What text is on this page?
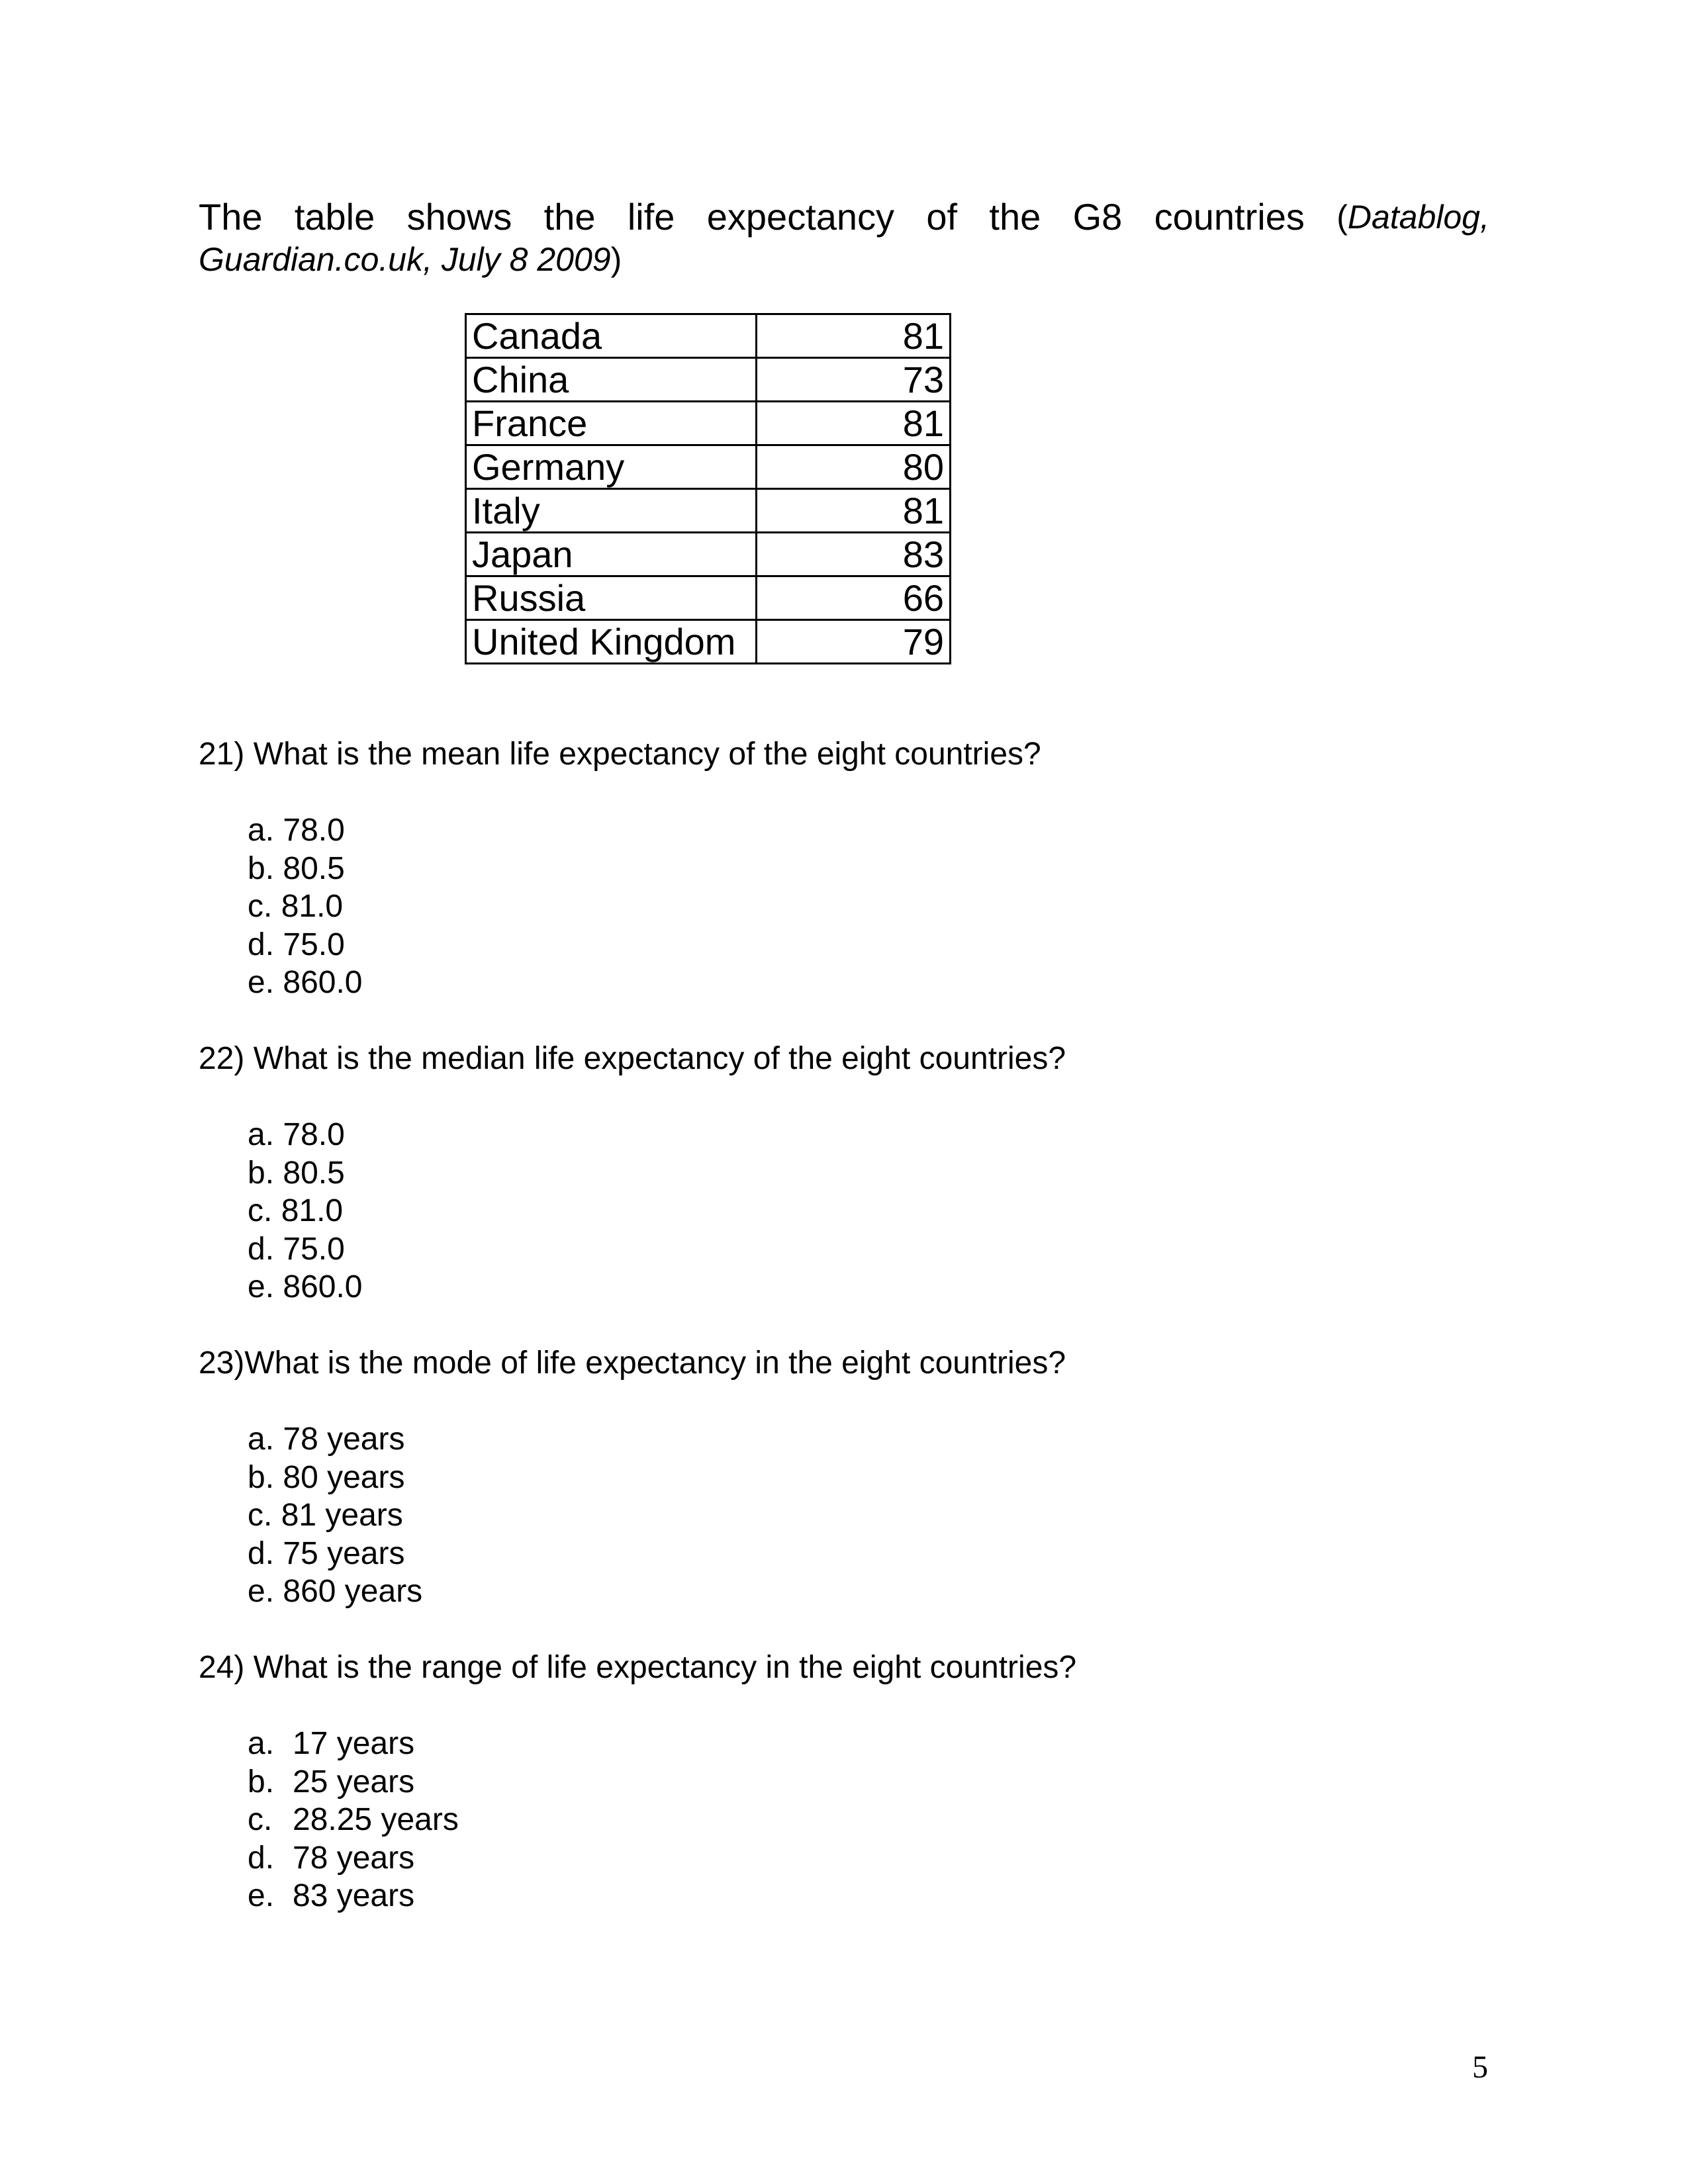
The table shows the life expectancy of the G8 countries (Datablog,
Guardian.co.uk, July 8 2009)
Canada	81
China	73
France	81
Germany	80
Italy	81
Japan	83
Russia	66
United Kingdom	79
21) What is the mean life expectancy of the eight countries?
a. 78.0
b. 80.5
c. 81.0
d. 75.0
e. 860.0
22) What is the median life expectancy of the eight countries?
a. 78.0
b. 80.5
c. 81.0
d. 75.0
e. 860.0
23)What is the mode of life expectancy in the eight countries?
a. 78 years
b. 80 years
c. 81 years
d. 75 years
e. 860 years
24) What is the range of life expectancy in the eight countries?
a. 17 years
b. 25 years
c. 28.25 years
d. 78 years
e. 83 years
5
